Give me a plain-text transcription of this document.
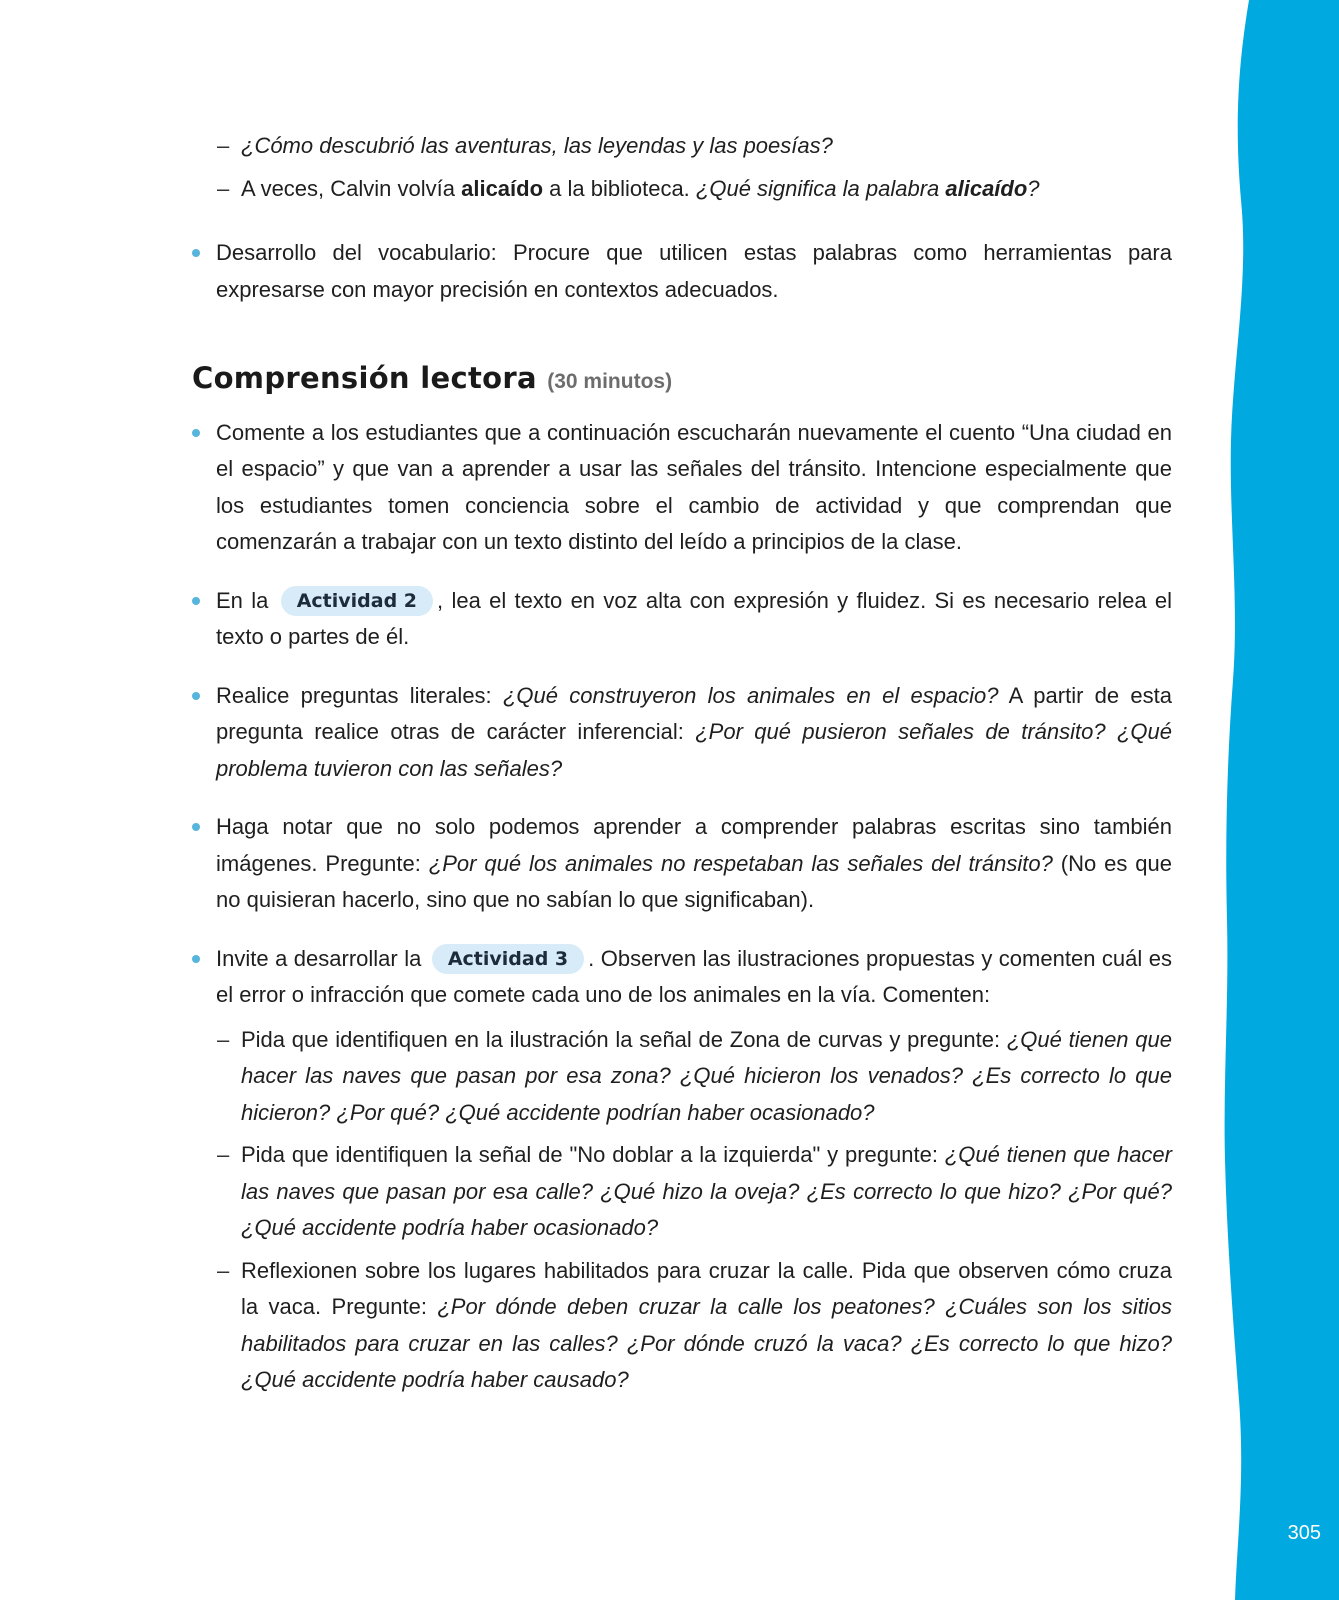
305

– ¿Cómo descubrió las aventuras, las leyendas y las poesías?

– A veces, Calvin volvía alicaído a la biblioteca. ¿Qué significa la palabra alicaído?

Desarrollo del vocabulario: Procure que utilicen estas palabras como herramientas para expresarse con mayor precisión en contextos adecuados.

Comprensión lectora (30 minutos)

Comente a los estudiantes que a continuación escucharán nuevamente el cuento “Una ciudad en el espacio” y que van a aprender a usar las señales del tránsito. Intencione especialmente que los estudiantes tomen conciencia sobre el cambio de actividad y que comprendan que comenzarán a trabajar con un texto distinto del leído a principios de la clase.

En la Actividad 2 , lea el texto en voz alta con expresión y fluidez. Si es necesario relea el texto o partes de él.

Realice preguntas literales: ¿Qué construyeron los animales en el espacio? A partir de esta pregunta realice otras de carácter inferencial: ¿Por qué pusieron señales de tránsito? ¿Qué problema tuvieron con las señales?

Haga notar que no solo podemos aprender a comprender palabras escritas sino también imágenes. Pregunte: ¿Por qué los animales no respetaban las señales del tránsito? (No es que no quisieran hacerlo, sino que no sabían lo que significaban).

Invite a desarrollar la Actividad 3 . Observen las ilustraciones propuestas y comenten cuál es el error o infracción que comete cada uno de los animales en la vía. Comenten:

– Pida que identifiquen en la ilustración la señal de Zona de curvas y pregunte: ¿Qué tienen que hacer las naves que pasan por esa zona? ¿Qué hicieron los venados? ¿Es correcto lo que hicieron? ¿Por qué? ¿Qué accidente podrían haber ocasionado?

– Pida que identifiquen la señal de "No doblar a la izquierda" y pregunte: ¿Qué tienen que hacer las naves que pasan por esa calle? ¿Qué hizo la oveja? ¿Es correcto lo que hizo? ¿Por qué? ¿Qué accidente podría haber ocasionado?

– Reflexionen sobre los lugares habilitados para cruzar la calle. Pida que observen cómo cruza la vaca. Pregunte: ¿Por dónde deben cruzar la calle los peatones? ¿Cuáles son los sitios habilitados para cruzar en las calles? ¿Por dónde cruzó la vaca? ¿Es correcto lo que hizo? ¿Qué accidente podría haber causado?
